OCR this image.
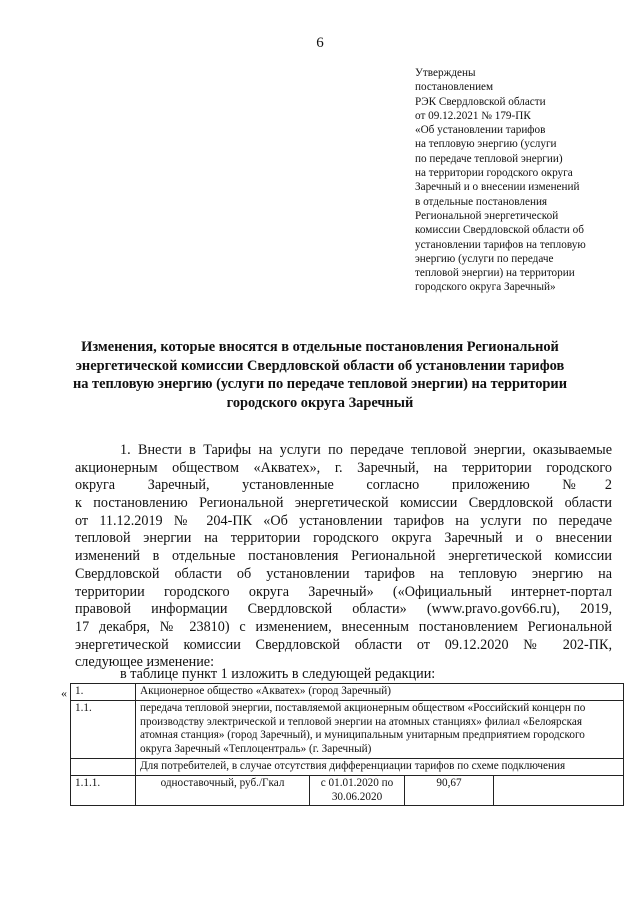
6
Утверждены
постановлением
РЭК Свердловской области
от 09.12.2021 № 179-ПК
«Об установлении тарифов
на тепловую энергию (услуги
по передаче тепловой энергии)
на территории городского округа
Заречный и о внесении изменений
в отдельные постановления
Региональной энергетической
комиссии Свердловской области об
установлении тарифов на тепловую
энергию (услуги по передаче
тепловой энергии) на территории
городского округа Заречный»
Изменения, которые вносятся в отдельные постановления Региональной
энергетической комиссии Свердловской области об установлении тарифов
на тепловую энергию (услуги по передаче тепловой энергии) на территории
городского округа Заречный
1. Внести в Тарифы на услуги по передаче тепловой энергии, оказываемые
акционерным обществом «Акватех», г. Заречный, на территории городского
округа Заречный, установленные согласно приложению №2
к постановлению Региональной энергетической комиссии Свердловской области
от 11.12.2019 № 204-ПК «Об установлении тарифов на услуги по передаче
тепловой энергии на территории городского округа Заречный и о внесении
изменений в отдельные постановления Региональной энергетической комиссии
Свердловской области об установлении тарифов на тепловую энергию на
территории городского округа Заречный» («Официальный интернет-портал
правовой информации Свердловской области» (www.pravo.gov66.ru), 2019,
17 декабря, № 23810) с изменением, внесенным постановлением Региональной
энергетической комиссии Свердловской области от 09.12.2020 № 202-ПК,
следующее изменение:
в таблице пункт 1 изложить в следующей редакции:
« 1.	Акционерное общество «Акватех» (город Заречный)			
1.1.	передача тепловой энергии, поставляемой акционерным обществом «Российский концерн по производству электрической и тепловой энергии на атомных станциях» филиал «Белоярская атомная станция» (город Заречный), и муниципальным унитарным предприятием городского округа Заречный «Теплоцентраль» (г. Заречный)			
	Для потребителей, в случае отсутствия дифференциации тарифов по схеме подключения			
1.1.1.	одноставочный, руб./Гкал	с 01.01.2020 по 30.06.2020	90,67	
